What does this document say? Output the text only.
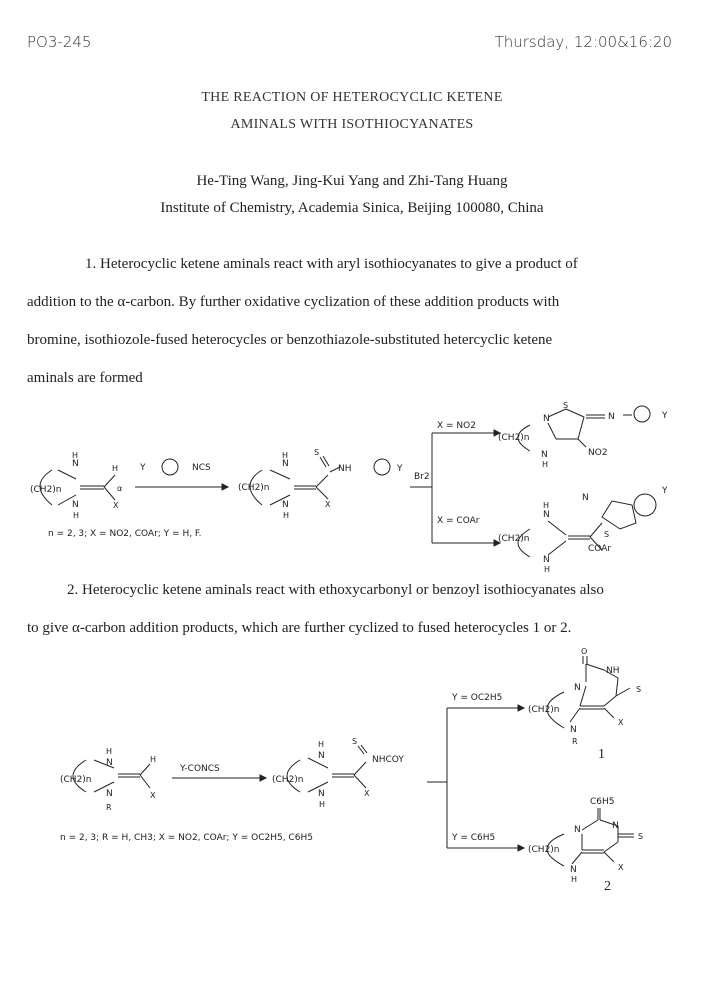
PO3-245	Thursday, 12:00&16:20
THE REACTION OF HETEROCYCLIC KETENE
AMINALS WITH ISOTHIOCYANATES
He-Ting Wang, Jing-Kui Yang and Zhi-Tang Huang
Institute of Chemistry, Academia Sinica, Beijing 100080, China
1. Heterocyclic ketene aminals react with aryl isothiocyanates to give a product of
addition to the α-carbon. By further oxidative cyclization of these addition products with
bromine, isothiozole-fused heterocycles or benzothiazole-substituted hetercyclic ketene
aminals are formed
N
H
(CH2)n
N
H
H
α
X
Y	NCS	N
H
(CH2)n
N
H
S
NH	Y
X
Br2
X = NO2
X = COAr
N
S
(CH2)n
N
H
N	Y
NO2
N
H
(CH2)n
N
H
COAr
N
S
Y
n = 2, 3; X = NO2, COAr; Y = H, F.
2. Heterocyclic ketene aminals react with ethoxycarbonyl or benzoyl isothiocyanates also
to give α-carbon addition products, which are further cyclized to fused heterocycles 1 or 2.
H
N
(CH2)n
N
R
H
X
Y-CONCS
H
N
(CH2)n
N
H
S
NHCOY
X
Y = OC2H5
Y = C6H5
O
NH
N
(CH2)n
S
X
N
R
1
C6H5
N
N
S
(CH2)n
X
N
H 2
n = 2, 3; R = H, CH3; X = NO2, COAr; Y = OC2H5, C6H5
